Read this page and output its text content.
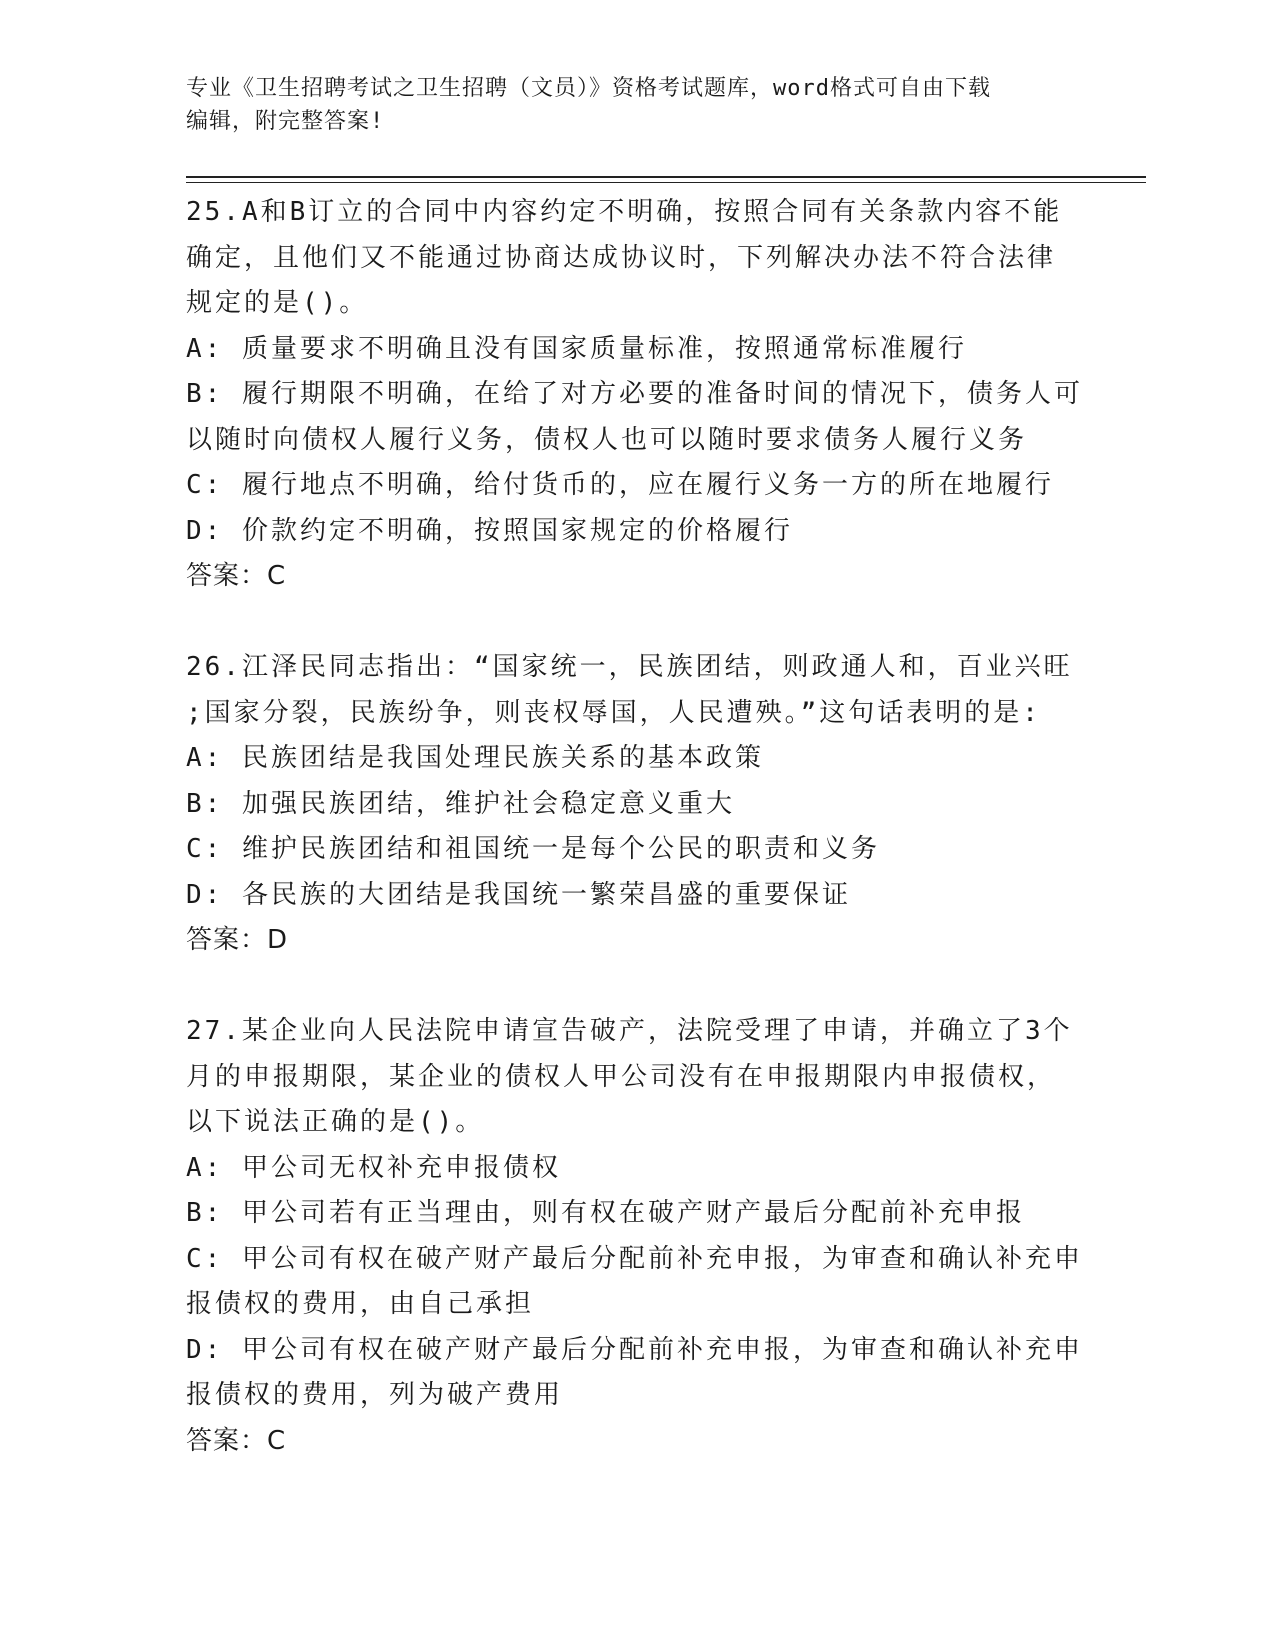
专业《卫生招聘考试之卫生招聘（文员）》资格考试题库，word格式可自由下载
编辑，附完整答案!
25.A和B订立的合同中内容约定不明确，按照合同有关条款内容不能
确定，且他们又不能通过协商达成协议时，下列解决办法不符合法律
规定的是()。
A: 质量要求不明确且没有国家质量标准，按照通常标准履行
B: 履行期限不明确，在给了对方必要的准备时间的情况下，债务人可
以随时向债权人履行义务，债权人也可以随时要求债务人履行义务
C: 履行地点不明确，给付货币的，应在履行义务一方的所在地履行
D: 价款约定不明确，按照国家规定的价格履行
答案：C
26.江泽民同志指出：“国家统一，民族团结，则政通人和，百业兴旺
;国家分裂，民族纷争，则丧权辱国，人民遭殃。”这句话表明的是:
A: 民族团结是我国处理民族关系的基本政策
B: 加强民族团结，维护社会稳定意义重大
C: 维护民族团结和祖国统一是每个公民的职责和义务
D: 各民族的大团结是我国统一繁荣昌盛的重要保证
答案：D
27.某企业向人民法院申请宣告破产，法院受理了申请，并确立了3个
月的申报期限，某企业的债权人甲公司没有在申报期限内申报债权，
以下说法正确的是()。
A: 甲公司无权补充申报债权
B: 甲公司若有正当理由，则有权在破产财产最后分配前补充申报
C: 甲公司有权在破产财产最后分配前补充申报，为审查和确认补充申
报债权的费用，由自己承担
D: 甲公司有权在破产财产最后分配前补充申报，为审查和确认补充申
报债权的费用，列为破产费用
答案：C
